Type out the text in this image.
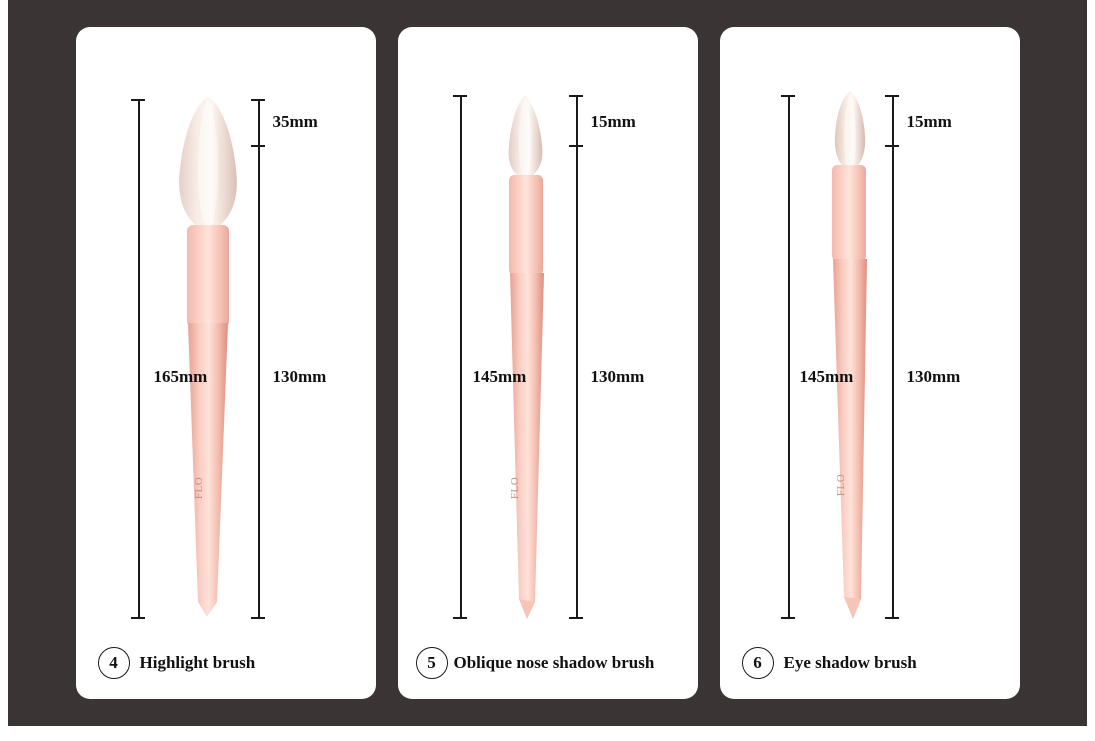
FLO
165mm
35mm
130mm
4	Highlight brush
FLO
145mm
15mm
130mm
5	Oblique nose shadow brush
FLO
145mm
15mm
130mm
6	Eye shadow brush
